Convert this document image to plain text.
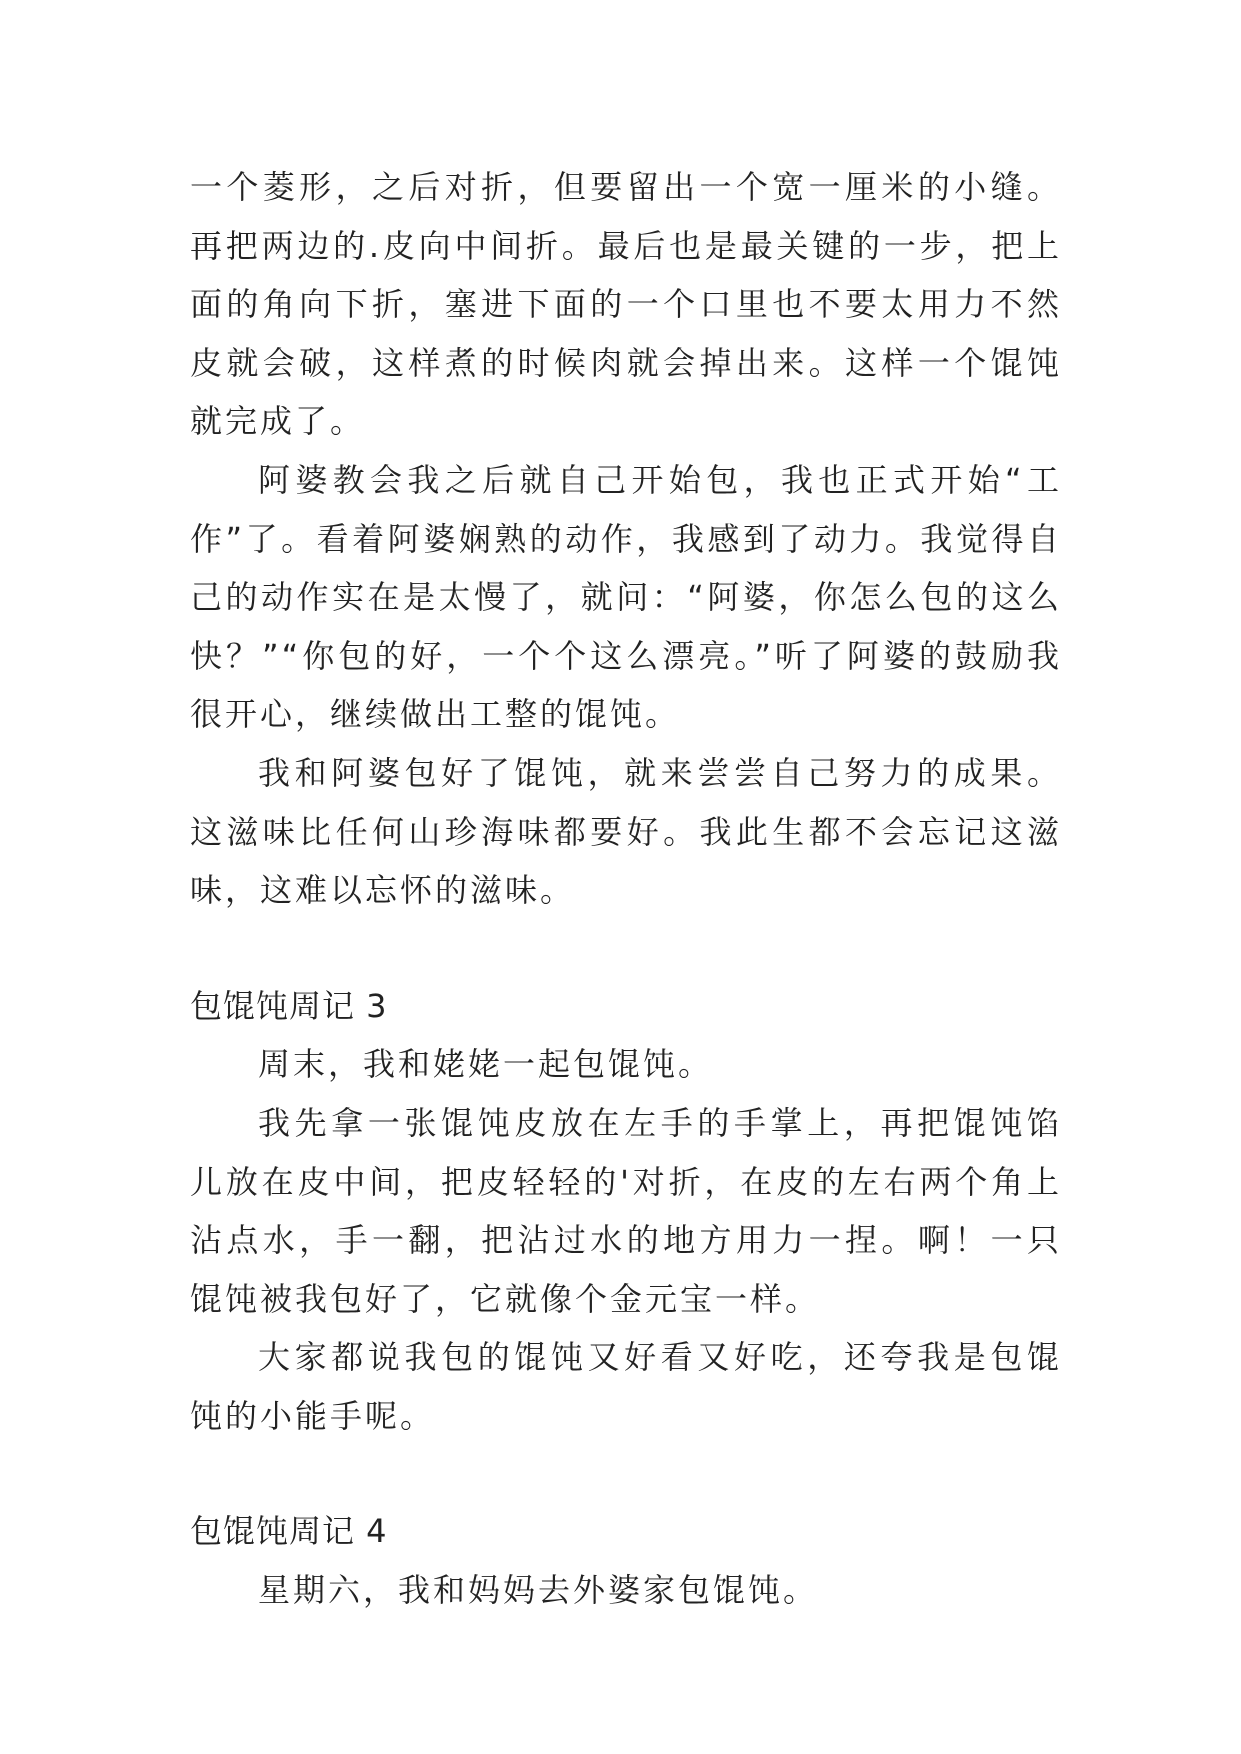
一个菱形，之后对折，但要留出一个宽一厘米的小缝。再把两边的.皮向中间折。最后也是最关键的一步，把上面的角向下折，塞进下面的一个口里也不要太用力不然皮就会破，这样煮的时候肉就会掉出来。这样一个馄饨就完成了。

阿婆教会我之后就自己开始包，我也正式开始“工作”了。看着阿婆娴熟的动作，我感到了动力。我觉得自己的动作实在是太慢了，就问：“阿婆，你怎么包的这么快？”“你包的好，一个个这么漂亮。”听了阿婆的鼓励我很开心，继续做出工整的馄饨。

我和阿婆包好了馄饨，就来尝尝自己努力的成果。这滋味比任何山珍海味都要好。我此生都不会忘记这滋味，这难以忘怀的滋味。

包馄饨周记 3

周末，我和姥姥一起包馄饨。

我先拿一张馄饨皮放在左手的手掌上，再把馄饨馅儿放在皮中间，把皮轻轻的'对折，在皮的左右两个角上沾点水，手一翻，把沾过水的地方用力一捏。啊！一只馄饨被我包好了，它就像个金元宝一样。

大家都说我包的馄饨又好看又好吃，还夸我是包馄饨的小能手呢。

包馄饨周记 4

星期六，我和妈妈去外婆家包馄饨。
